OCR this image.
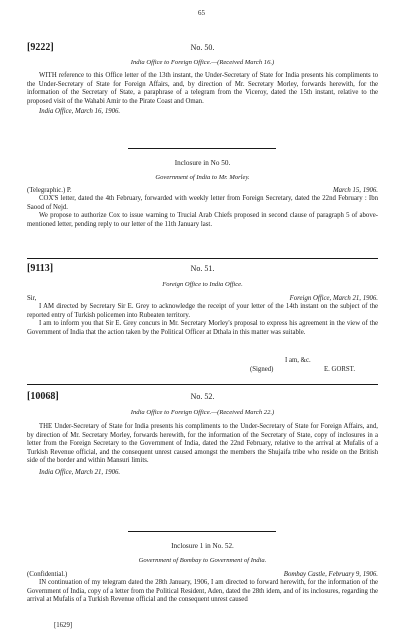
65
[9222]	No. 50.
India Office to Foreign Office.—(Received March 16.)

WITH reference to this Office letter of the 13th instant, the Under-Secretary of State for India presents his compliments to the Under-Secretary of State for Foreign Affairs, and, by direction of Mr. Secretary Morley, forwards herewith, for the information of the Secretary of State, a paraphrase of a telegram from the Viceroy, dated the 15th instant, relative to the proposed visit of the Wahabi Amir to the Pirate Coast and Oman.

India Office, March 16, 1906.
Inclosure in No 50.
Government of India to Mr. Morley.
(Telegraphic.) P.	March 15, 1906.

COX'S letter, dated the 4th February, forwarded with weekly letter from Foreign Secretary, dated the 22nd February : Ibn Saood of Nejd.

We propose to authorize Cox to issue warning to Trucial Arab Chiefs proposed in second clause of paragraph 5 of above-mentioned letter, pending reply to our letter of the 11th January last.

[9113]	No. 51.
Foreign Office to India Office.
Sir,	Foreign Office, March 21, 1906.

I AM directed by Secretary Sir E. Grey to acknowledge the receipt of your letter of the 14th instant on the subject of the reported entry of Turkish policemen into Rubeaten territory.

I am to inform you that Sir E. Grey concurs in Mr. Secretary Morley's proposal to express his agreement in the view of the Government of India that the action taken by the Political Officer at Dthala in this matter was suitable.

I am, &c.
(Signed)	E. GORST.
[10068]	No. 52.
India Office to Foreign Office.—(Received March 22.)

THE Under-Secretary of State for India presents his compliments to the Under-Secretary of State for Foreign Affairs, and, by direction of Mr. Secretary Morley, forwards herewith, for the information of the Secretary of State, copy of inclosures in a letter from the Foreign Secretary to the Government of India, dated the 22nd February, relative to the arrival at Mufalis of a Turkish Revenue official, and the consequent unrest caused amongst the members the Shujaifa tribe who reside on the British side of the border and within Mansuri limits.

India Office, March 21, 1906.
Inclosure 1 in No. 52.
Government of Bombay to Government of India.
(Confidential.)	Bombay Castle, February 9, 1906.

IN continuation of my telegram dated the 28th January, 1906, I am directed to forward herewith, for the information of the Government of India, copy of a letter from the Political Resident, Aden, dated the 28th idem, and of its inclosures, regarding the arrival at Mufalis of a Turkish Revenue official and the consequent unrest caused

[1629]
